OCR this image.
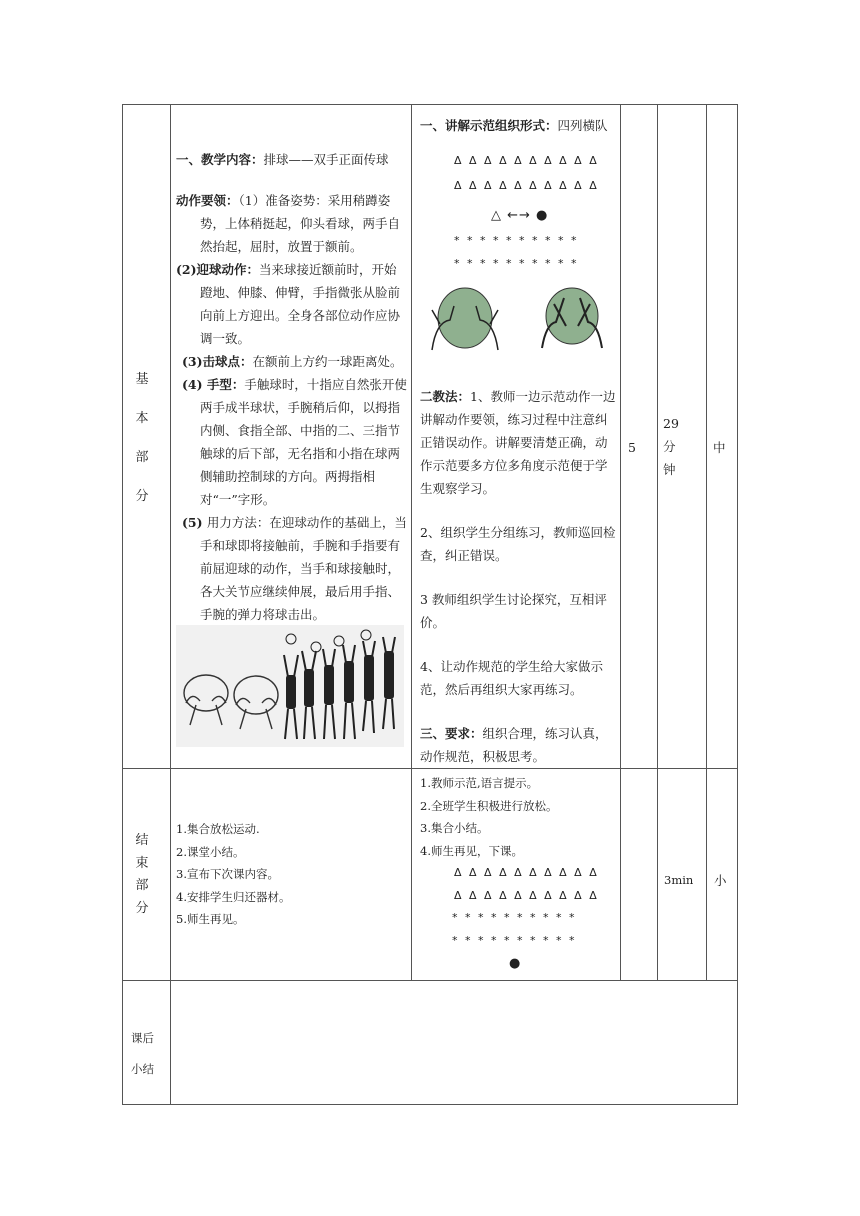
基
本
部
分
一、教学内容：排球——双手正面传球
动作要领：（1）准备姿势：采用稍蹲姿势，上体稍挺起，仰头看球，两手自然抬起，屈肘，放置于额前。
(2)迎球动作：当来球接近额前时，开始蹬地、伸膝、伸臂，手指微张从脸前向前上方迎出。全身各部位动作应协调一致。
(3)击球点：在额前上方约一球距离处。
(4) 手型：手触球时，十指应自然张开使两手成半球状，手腕稍后仰，以拇指内侧、食指全部、中指的二、三指节触球的后下部，无名指和小指在球两侧辅助控制球的方向。两拇指相对“一”字形。
(5) 用力方法：在迎球动作的基础上，当手和球即将接触前，手腕和手指要有前屈迎球的动作，当手和球接触时，各大关节应继续伸展，最后用手指、手腕的弹力将球击出。
一、讲解示范组织形式：四列横队
Δ Δ Δ Δ Δ Δ Δ Δ Δ Δ
Δ Δ Δ Δ Δ Δ Δ Δ Δ Δ
△ ←→ ●
* * * * * * * * * *
* * * * * * * * * *
二教法：1、教师一边示范动作一边讲解动作要领，练习过程中注意纠正错误动作。讲解要清楚正确，动作示范要多方位多角度示范便于学生观察学习。
2、组织学生分组练习，教师巡回检查，纠正错误。
3 教师组织学生讨论探究，互相评价。
4、让动作规范的学生给大家做示范，然后再组织大家再练习。
三、要求：组织合理，练习认真，动作规范，积极思考。
5
29
分
钟
中
结
束
部
分
1.集合放松运动.
2.课堂小结。
3.宣布下次课内容。
4.安排学生归还器材。
5.师生再见。
1.教师示范,语言提示。
2.全班学生积极进行放松。
3.集合小结。
4.师生再见，下课。
Δ Δ Δ Δ Δ Δ Δ Δ Δ Δ
Δ Δ Δ Δ Δ Δ Δ Δ Δ Δ
* * * * * * * * * *
* * * * * * * * * *
●
3min 小
课后
小结
